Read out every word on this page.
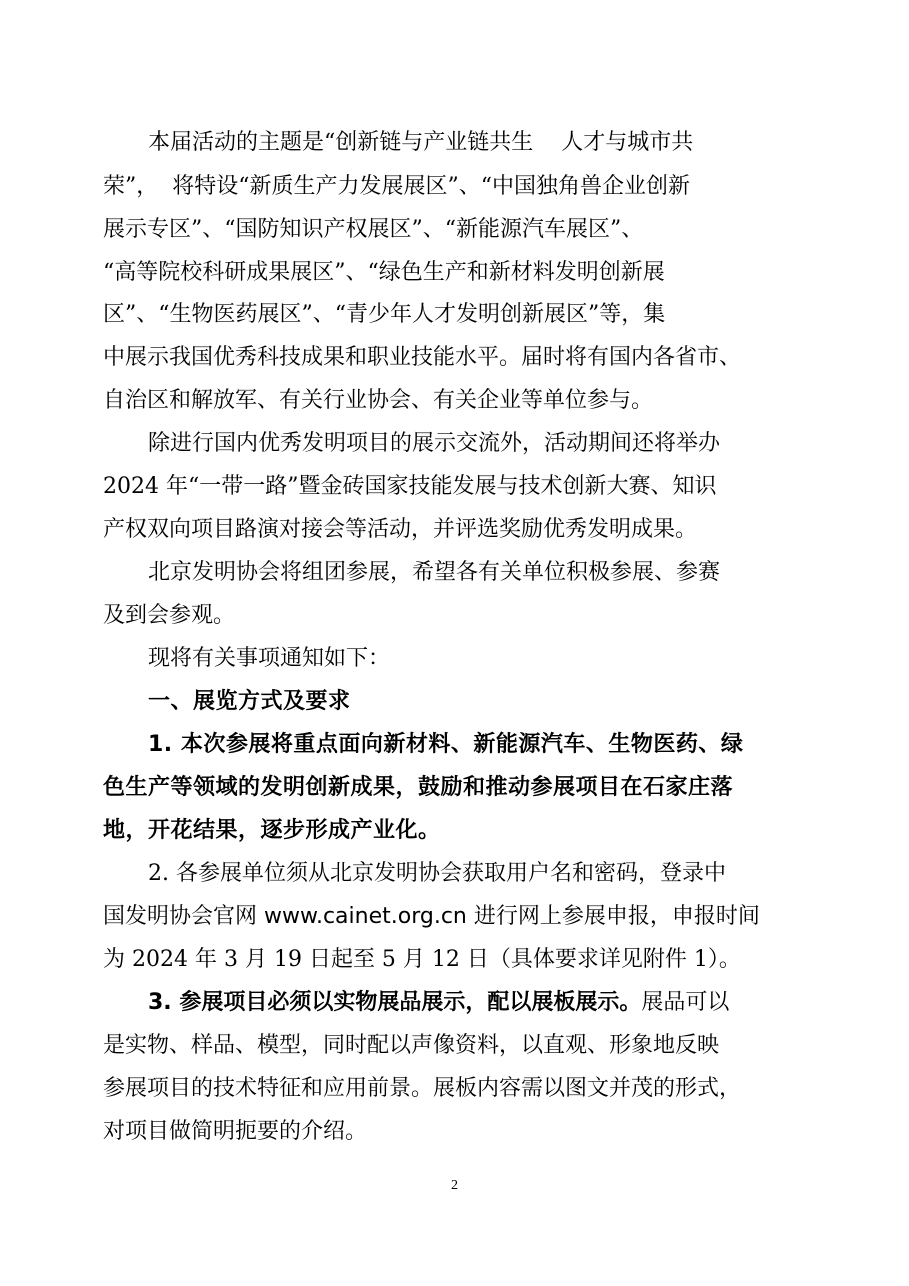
本届活动的主题是“创新链与产业链共生    人才与城市共
荣”，  将特设“新质生产力发展展区”、“中国独角兽企业创新
展示专区”、“国防知识产权展区”、“新能源汽车展区”、
“高等院校科研成果展区”、“绿色生产和新材料发明创新展
区”、“生物医药展区”、“青少年人才发明创新展区”等，集
中展示我国优秀科技成果和职业技能水平。届时将有国内各省市、
自治区和解放军、有关行业协会、有关企业等单位参与。
除进行国内优秀发明项目的展示交流外，活动期间还将举办
2024 年“一带一路”暨金砖国家技能发展与技术创新大赛、知识
产权双向项目路演对接会等活动，并评选奖励优秀发明成果。
北京发明协会将组团参展，希望各有关单位积极参展、参赛
及到会参观。
现将有关事项通知如下：
一、展览方式及要求
1. 本次参展将重点面向新材料、新能源汽车、生物医药、绿
色生产等领域的发明创新成果，鼓励和推动参展项目在石家庄落
地，开花结果，逐步形成产业化。
2. 各参展单位须从北京发明协会获取用户名和密码，登录中
国发明协会官网 www.cainet.org.cn 进行网上参展申报，申报时间
为 2024 年 3 月 19 日起至 5 月 12 日（具体要求详见附件 1）。
3. 参展项目必须以实物展品展示，配以展板展示。展品可以
是实物、样品、模型，同时配以声像资料，以直观、形象地反映
参展项目的技术特征和应用前景。展板内容需以图文并茂的形式，
对项目做简明扼要的介绍。
2
